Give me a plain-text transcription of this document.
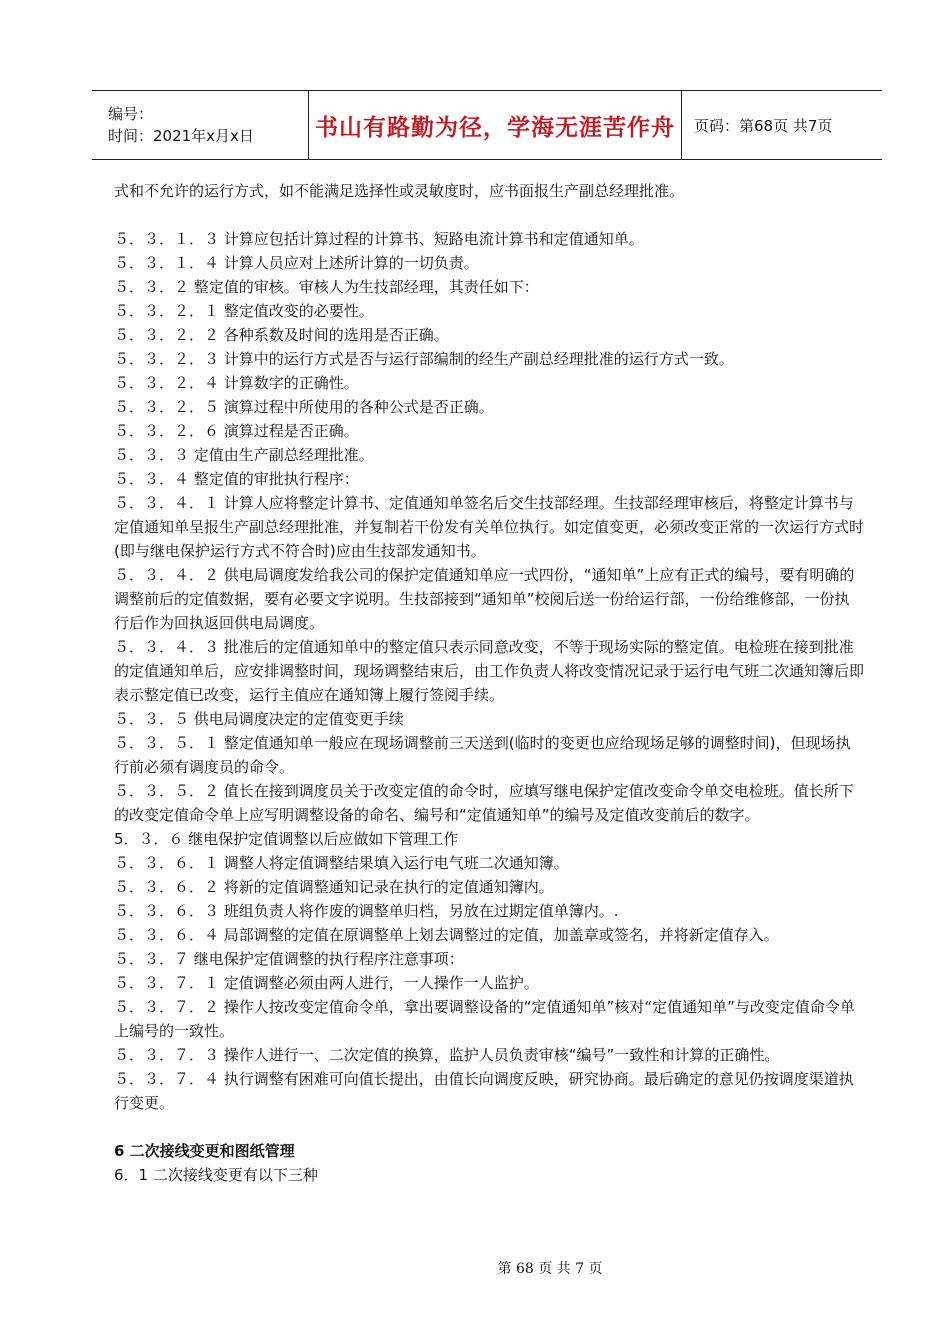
编号：
时间：2021年x月x日	书山有路勤为径，学海无涯苦作舟 页码：第68页 共7页

式和不允许的运行方式，如不能满足选择性或灵敏度时，应书面报生产副总经理批准。

５．３．１．３ 计算应包括计算过程的计算书、短路电流计算书和定值通知单。

５．３．１．４ 计算人员应对上述所计算的一切负责。

５．３．２ 整定值的审核。审核人为生技部经理，其责任如下：

５．３．２．１ 整定值改变的必要性。

５．３．２．２ 各种系数及时间的选用是否正确。

５．３．２．３ 计算中的运行方式是否与运行部编制的经生产副总经理批准的运行方式一致。

５．３．２．４ 计算数字的正确性。

５．３．２．５ 演算过程中所使用的各种公式是否正确。

５．３．２．６ 演算过程是否正确。

５．３．３ 定值由生产副总经理批准。

５．３．４ 整定值的审批执行程序：

５．３．４．１ 计算人应将整定计算书、定值通知单签名后交生技部经理。生技部经理审核后，将整定计算书与定值通知单呈报生产副总经理批准，并复制若干份发有关单位执行。如定值变更，必须改变正常的一次运行方式时(即与继电保护运行方式不符合时)应由生技部发通知书。

５．３．４．２ 供电局调度发给我公司的保护定值通知单应一式四份，“通知单”上应有正式的编号，要有明确的调整前后的定值数据，要有必要文字说明。生技部接到“通知单”校阅后送一份给运行部，一份给维修部，一份执行后作为回执返回供电局调度。

５．３．４．３ 批准后的定值通知单中的整定值只表示同意改变，不等于现场实际的整定值。电检班在接到批准的定值通知单后，应安排调整时间，现场调整结束后，由工作负责人将改变情况记录于运行电气班二次通知簿后即表示整定值已改变，运行主值应在通知簿上履行签阅手续。

５．３．５ 供电局调度决定的定值变更手续

５．３．５．１ 整定值通知单一般应在现场调整前三天送到(临时的变更也应给现场足够的调整时间)，但现场执行前必须有调度员的命令。

５．３．５．２ 值长在接到调度员关于改变定值的命令时，应填写继电保护定值改变命令单交电检班。值长所下的改变定值命令单上应写明调整设备的命名、编号和“定值通知单”的编号及定值改变前后的数字。

5．３．６ 继电保护定值调整以后应做如下管理工作

５．３．６．１ 调整人将定值调整结果填入运行电气班二次通知簿。

５．３．６．２ 将新的定值调整通知记录在执行的定值通知簿内。

５．３．６．３ 班组负责人将作废的调整单归档，另放在过期定值单簿内。.

５．３．６．４ 局部调整的定值在原调整单上划去调整过的定值，加盖章或签名，并将新定值存入。

５．３．７ 继电保护定值调整的执行程序注意事项：

５．３．７．１ 定值调整必须由两人进行，一人操作一人监护。

５．３．７．２ 操作人按改变定值命令单，拿出要调整设备的“定值通知单”核对“定值通知单”与改变定值命令单上编号的一致性。

５．３．７．３ 操作人进行一、二次定值的换算，监护人员负责审核“编号”一致性和计算的正确性。

５．３．７．４ 执行调整有困难可向值长提出，由值长向调度反映，研究协商。最后确定的意见仍按调度渠道执行变更。

6 二次接线变更和图纸管理

6．1 二次接线变更有以下三种

第 68 页 共 7 页
